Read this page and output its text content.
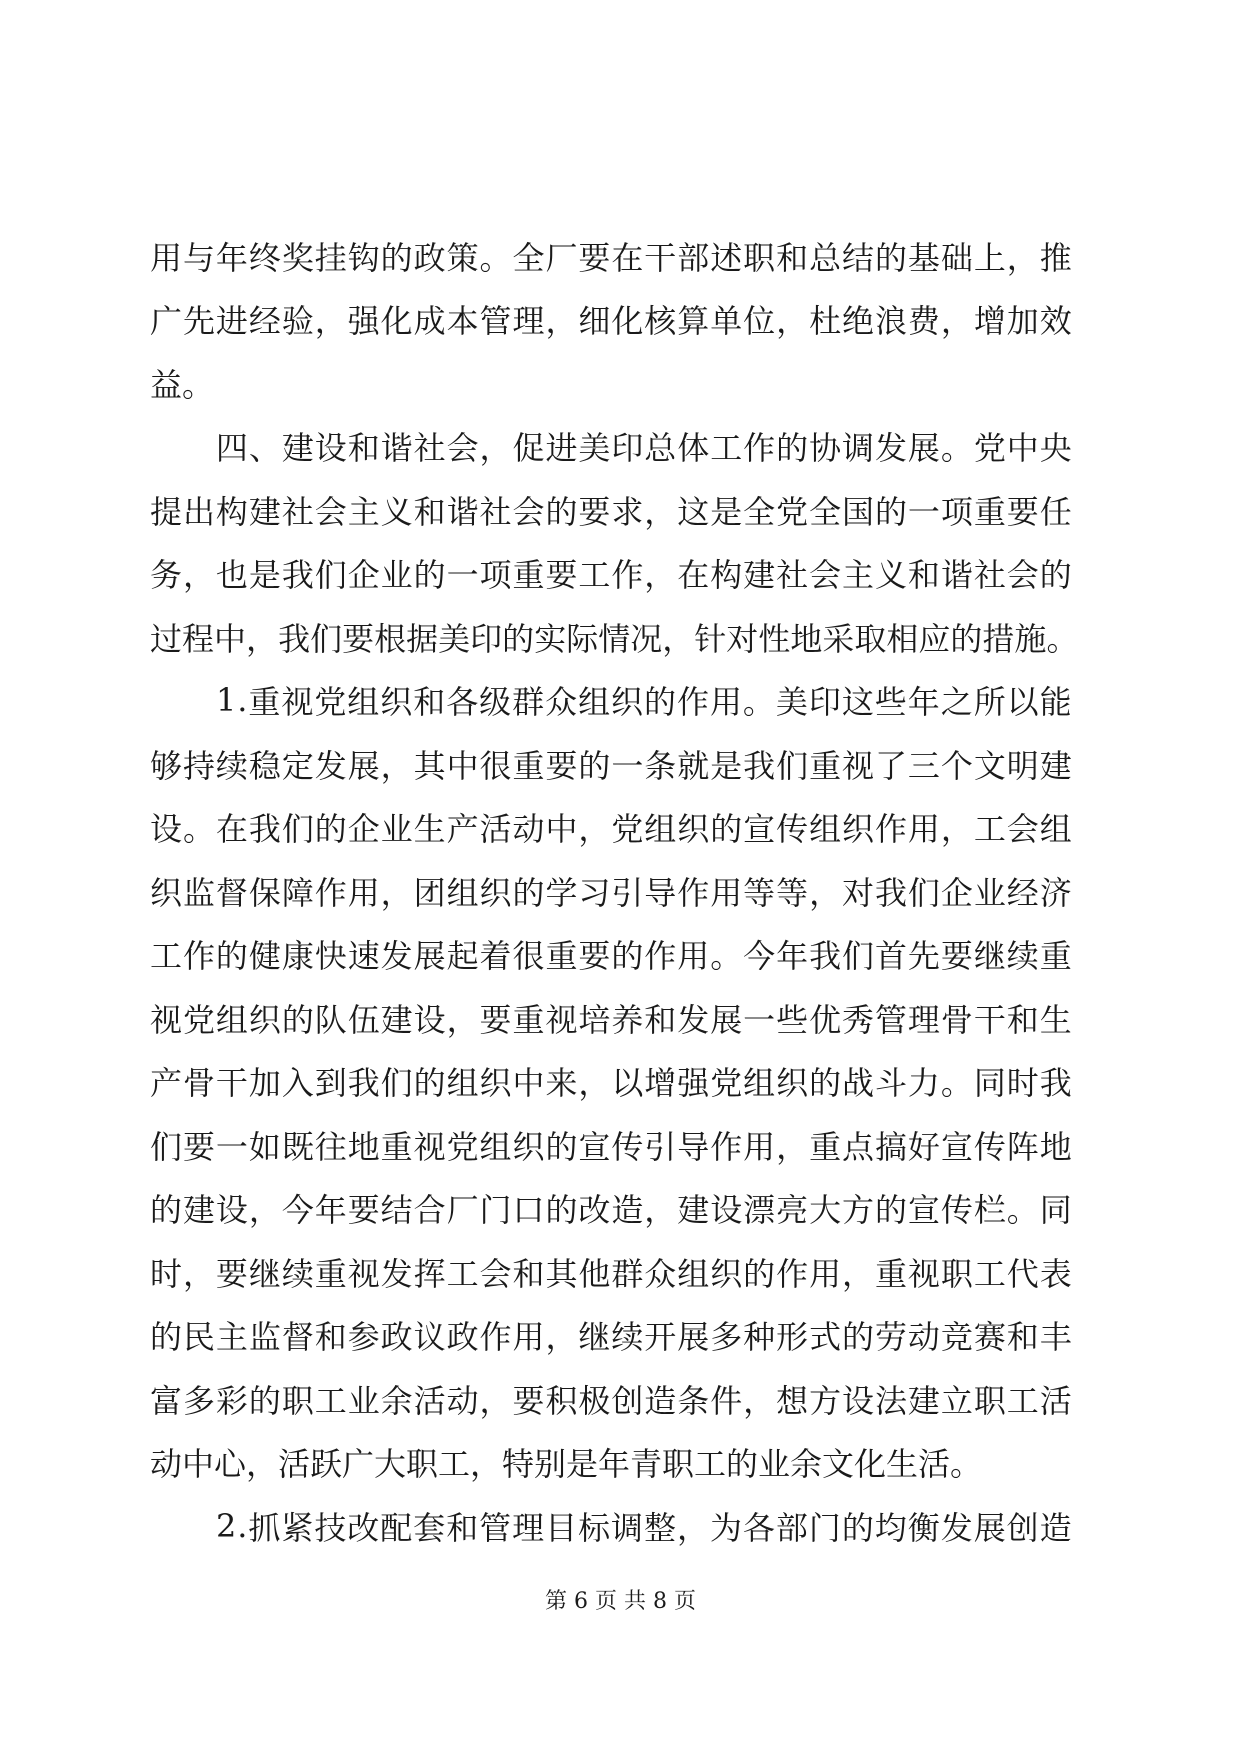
用 与 年 终 奖 挂 钩 的 政 策 。 全 厂 要 在 干 部 述 职 和 总 结 的 基 础 上 ， 推
广 先 进 经 验 ， 强 化 成 本 管 理 ， 细 化 核 算 单 位 ， 杜 绝 浪 费 ， 增 加 效
益。

四 、 建 设 和 谐 社 会 ， 促 进 美 印 总 体 工 作 的 协 调 发 展 。 党 中 央
提 出 构 建 社 会 主 义 和 谐 社 会 的 要 求 ， 这 是 全 党 全 国 的 一 项 重 要 任
务 ， 也 是 我 们 企 业 的 一 项 重 要 工 作 ， 在 构 建 社 会 主 义 和 谐 社 会 的
过 程 中 ， 我 们 要 根 据 美 印 的 实 际 情 况 ， 针 对 性 地 采 取 相 应 的 措 施 。

1 . 重 视 党 组 织 和 各 级 群 众 组 织 的 作 用 。 美 印 这 些 年 之 所 以 能
够 持 续 稳 定 发 展 ， 其 中 很 重 要 的 一 条 就 是 我 们 重 视 了 三 个 文 明 建
设 。 在 我 们 的 企 业 生 产 活 动 中 ， 党 组 织 的 宣 传 组 织 作 用 ， 工 会 组
织 监 督 保 障 作 用 ， 团 组 织 的 学 习 引 导 作 用 等 等 ， 对 我 们 企 业 经 济
工 作 的 健 康 快 速 发 展 起 着 很 重 要 的 作 用 。 今 年 我 们 首 先 要 继 续 重
视 党 组 织 的 队 伍 建 设 ， 要 重 视 培 养 和 发 展 一 些 优 秀 管 理 骨 干 和 生
产 骨 干 加 入 到 我 们 的 组 织 中 来 ， 以 增 强 党 组 织 的 战 斗 力 。 同 时 我
们 要 一 如 既 往 地 重 视 党 组 织 的 宣 传 引 导 作 用 ， 重 点 搞 好 宣 传 阵 地
的 建 设 ， 今 年 要 结 合 厂 门 口 的 改 造 ， 建 设 漂 亮 大 方 的 宣 传 栏 。 同
时 ， 要 继 续 重 视 发 挥 工 会 和 其 他 群 众 组 织 的 作 用 ， 重 视 职 工 代 表
的 民 主 监 督 和 参 政 议 政 作 用 ， 继 续 开 展 多 种 形 式 的 劳 动 竞 赛 和 丰
富 多 彩 的 职 工 业 余 活 动 ， 要 积 极 创 造 条 件 ， 想 方 设 法 建 立 职 工 活
动中心，活跃广大职工，特别是年青职工的业余文化生活。

2 . 抓 紧 技 改 配 套 和 管 理 目 标 调 整 ， 为 各 部 门 的 均 衡 发 展 创 造
第 6 页 共 8 页
